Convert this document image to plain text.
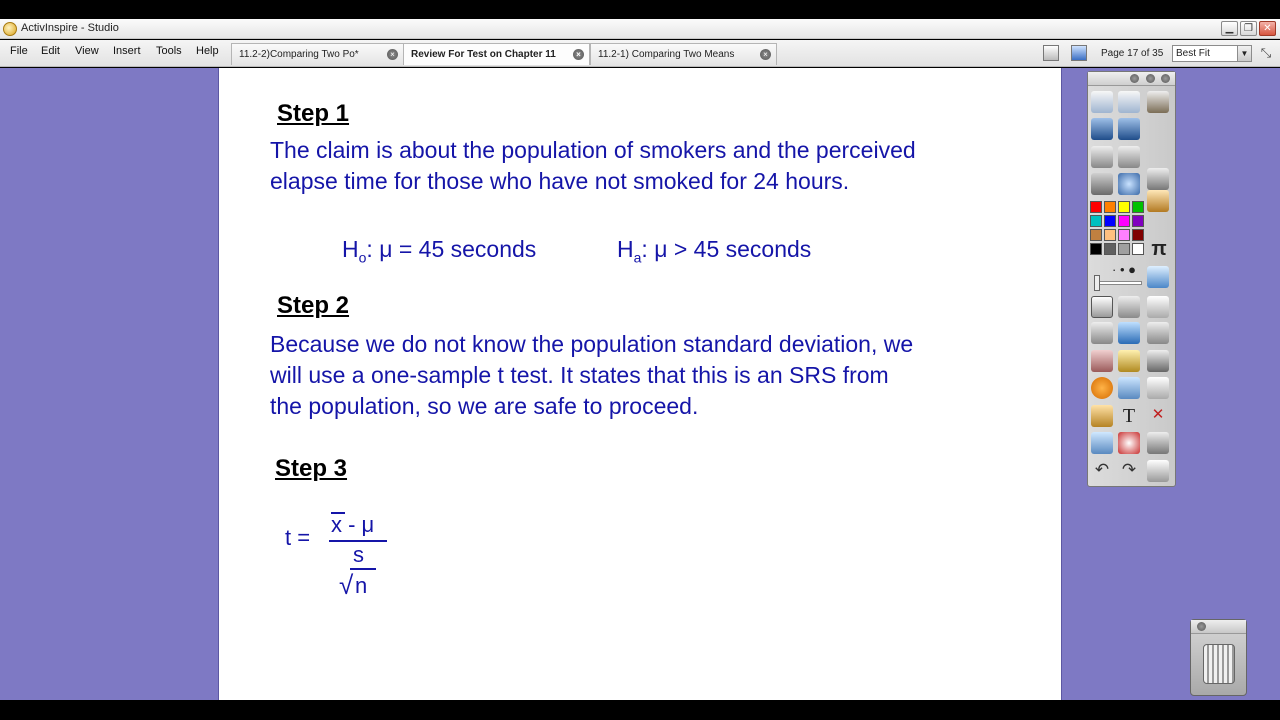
ActivInspire - Studio	▁	❐	✕
File Edit View Insert Tools Help	11.2-2)Comparing Two Po*	×	Review For Test on Chapter 11	×	11.2-1) Comparing Two Means	×	Page 17 of 35	Best Fit	▼ ⤡
Step 1
The claim is about the population of smokers and the perceived
elapse time for those who have not smoked for 24 hours.
$H_o$: μ = 45 seconds	$H_a$: μ > 45 seconds
Step 2
Because we do not know the population standard deviation, we
will use a one-sample t test. It states that this is an SRS from
the population, so we are safe to proceed.
Step 3
t =
x - μ
s
√ n
π
· • ●
T	✕
↶ ↷
